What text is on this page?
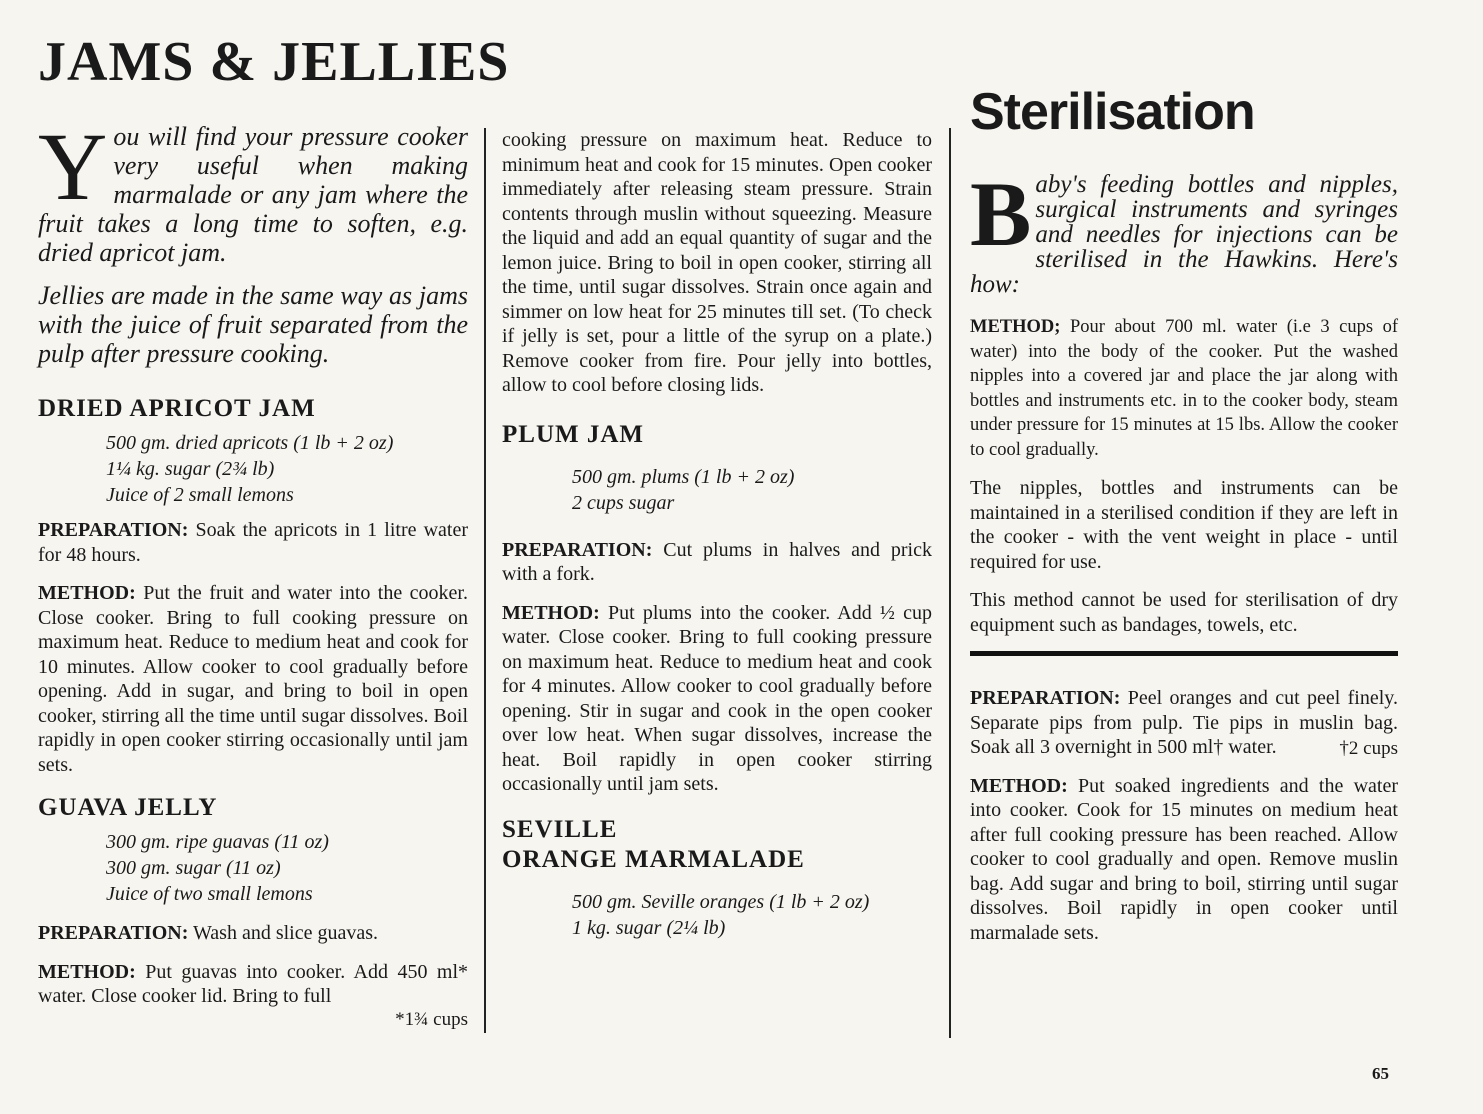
JAMS & JELLIES
Sterilisation

You will find your pressure cooker very useful when making marmalade or any jam where the fruit takes a long time to soften, e.g. dried apricot jam.

Jellies are made in the same way as jams with the juice of fruit separated from the pulp after pressure cooking.

DRIED APRICOT JAM
500 gm. dried apricots (1 lb + 2 oz)
1¼ kg. sugar (2¾ lb)
Juice of 2 small lemons

PREPARATION: Soak the apricots in 1 litre water for 48 hours.

METHOD: Put the fruit and water into the cooker. Close cooker. Bring to full cooking pressure on maximum heat. Reduce to medium heat and cook for 10 minutes. Allow cooker to cool gradually before opening. Add in sugar, and bring to boil in open cooker, stirring all the time until sugar dissolves. Boil rapidly in open cooker stirring occasionally until jam sets.

GUAVA JELLY
300 gm. ripe guavas (11 oz)
300 gm. sugar (11 oz)
Juice of two small lemons

PREPARATION: Wash and slice guavas.

METHOD: Put guavas into cooker. Add 450 ml* water. Close cooker lid. Bring to full

*1¾ cups

cooking pressure on maximum heat. Reduce to minimum heat and cook for 15 minutes. Open cooker immediately after releasing steam pressure. Strain contents through muslin without squeezing. Measure the liquid and add an equal quantity of sugar and the lemon juice. Bring to boil in open cooker, stirring all the time, until sugar dissolves. Strain once again and simmer on low heat for 25 minutes till set. (To check if jelly is set, pour a little of the syrup on a plate.) Remove cooker from fire. Pour jelly into bottles, allow to cool before closing lids.

PLUM JAM
500 gm. plums (1 lb + 2 oz)
2 cups sugar

PREPARATION: Cut plums in halves and prick with a fork.

METHOD: Put plums into the cooker. Add ½ cup water. Close cooker. Bring to full cooking pressure on maximum heat. Reduce to medium heat and cook for 4 minutes. Allow cooker to cool gradually before opening. Stir in sugar and cook in the open cooker over low heat. When sugar dissolves, increase the heat. Boil rapidly in open cooker stirring occasionally until jam sets.

SEVILLE
ORANGE MARMALADE
500 gm. Seville oranges (1 lb + 2 oz)
1 kg. sugar (2¼ lb)

Baby's feeding bottles and nipples, surgical instruments and syringes and needles for injections can be sterilised in the Hawkins. Here's how:

METHOD; Pour about 700 ml. water (i.e 3 cups of water) into the body of the cooker. Put the washed nipples into a covered jar and place the jar along with bottles and instruments etc. in to the cooker body, steam under pressure for 15 minutes at 15 lbs. Allow the cooker to cool gradually.

The nipples, bottles and instruments can be maintained in a sterilised condition if they are left in the cooker - with the vent weight in place - until required for use.

This method cannot be used for sterilisation of dry equipment such as bandages, towels, etc.

PREPARATION: Peel oranges and cut peel finely. Separate pips from pulp. Tie pips in muslin bag. Soak all 3 overnight in 500 ml† water.	†2 cups

METHOD: Put soaked ingredients and the water into cooker. Cook for 15 minutes on medium heat after full cooking pressure has been reached. Allow cooker to cool gradually and open. Remove muslin bag. Add sugar and bring to boil, stirring until sugar dissolves. Boil rapidly in open cooker until marmalade sets.

65
